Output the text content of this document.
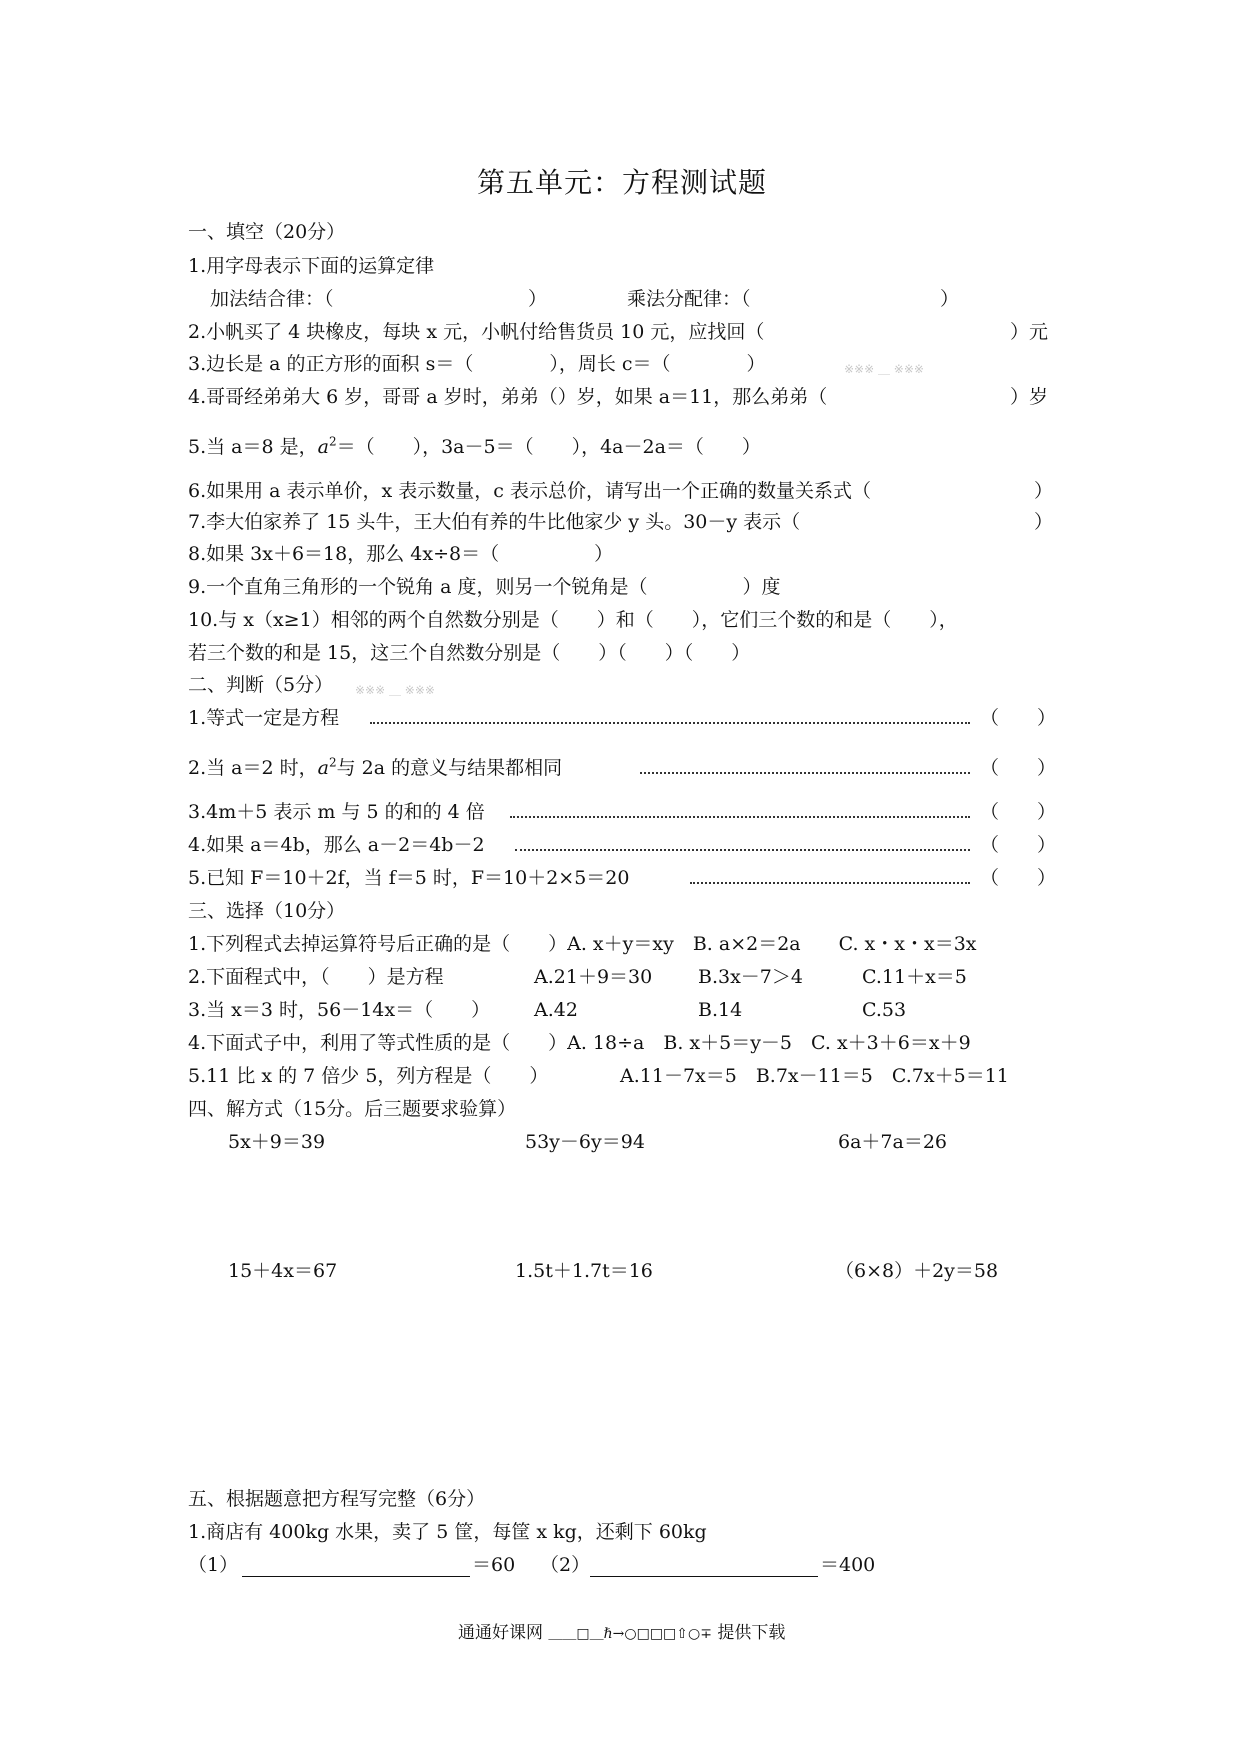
第五单元：方程测试题
一、填空（20分）
1.用字母表示下面的运算定律
加法结合律：（	）	乘法分配律：（	）
2.小帆买了 4 块橡皮，每块 x 元，小帆付给售货员 10 元，应找回（	）元
3.边长是 a 的正方形的面积 s＝（　　　　），周长 c＝（　　　　）	※※※ ＿ ※※※
4.哥哥经弟弟大 6 岁，哥哥 a 岁时，弟弟（）岁，如果 a＝11，那么弟弟（	）岁
5.当 a＝8 是，$a^2=$（　　），3a－5＝（　　），4a－2a＝（　　）
6.如果用 a 表示单价，x 表示数量，c 表示总价，请写出一个正确的数量关系式（	）
7.李大伯家养了 15 头牛，王大伯有养的牛比他家少 y 头。30－y 表示（	）
8.如果 3x＋6＝18，那么 4x÷8＝（　　　　　）
9.一个直角三角形的一个锐角 a 度，则另一个锐角是（　　　　　）度
10.与 x（x≥1）相邻的两个自然数分别是（　　）和（　　），它们三个数的和是（　　），
若三个数的和是 15，这三个自然数分别是（　　）（　　）（　　）
二、判断（5分） ※※※ ＿ ※※※
1.等式一定是方程	（　　）
2.当 a＝2 时，$a^2$与 2a 的意义与结果都相同	（　　）
3.4m＋5 表示 m 与 5 的和的 4 倍	（　　）
4.如果 a＝4b，那么 a－2＝4b－2	（　　）
5.已知 F＝10＋2f，当 f＝5 时，F＝10＋2×5＝20	（　　）
三、选择（10分）
1.下列程式去掉运算符号后正确的是（　　）A. x＋y＝xy　B. a×2＝2a　　C. x・x・x＝3x
2.下面程式中，（　　）是方程	A.21＋9＝30 B.3x－7＞4	C.11＋x＝5
3.当 x＝3 时，56－14x＝（　　） A.42	B.14	C.53
4.下面式子中，利用了等式性质的是（　　）A. 18÷a　B. x＋5＝y－5　C. x＋3＋6＝x＋9
5.11 比 x 的 7 倍少 5，列方程是（　　）	A.11－7x＝5　B.7x－11＝5　C.7x＋5＝11
四、解方式（15分。后三题要求验算）
5x＋9＝39	53y－6y＝94	6a＋7a＝26
15＋4x＝67	1.5t＋1.7t＝16	（6×8）＋2y＝58
五、根据题意把方程写完整（6分）
1.商店有 400kg 水果，卖了 5 筐，每筐 x kg，还剩下 60kg
（1）	＝60 （2）	＝400
通通好课网 ＿＿□＿ℏ→○□□□⇧○∓ 提供下载
